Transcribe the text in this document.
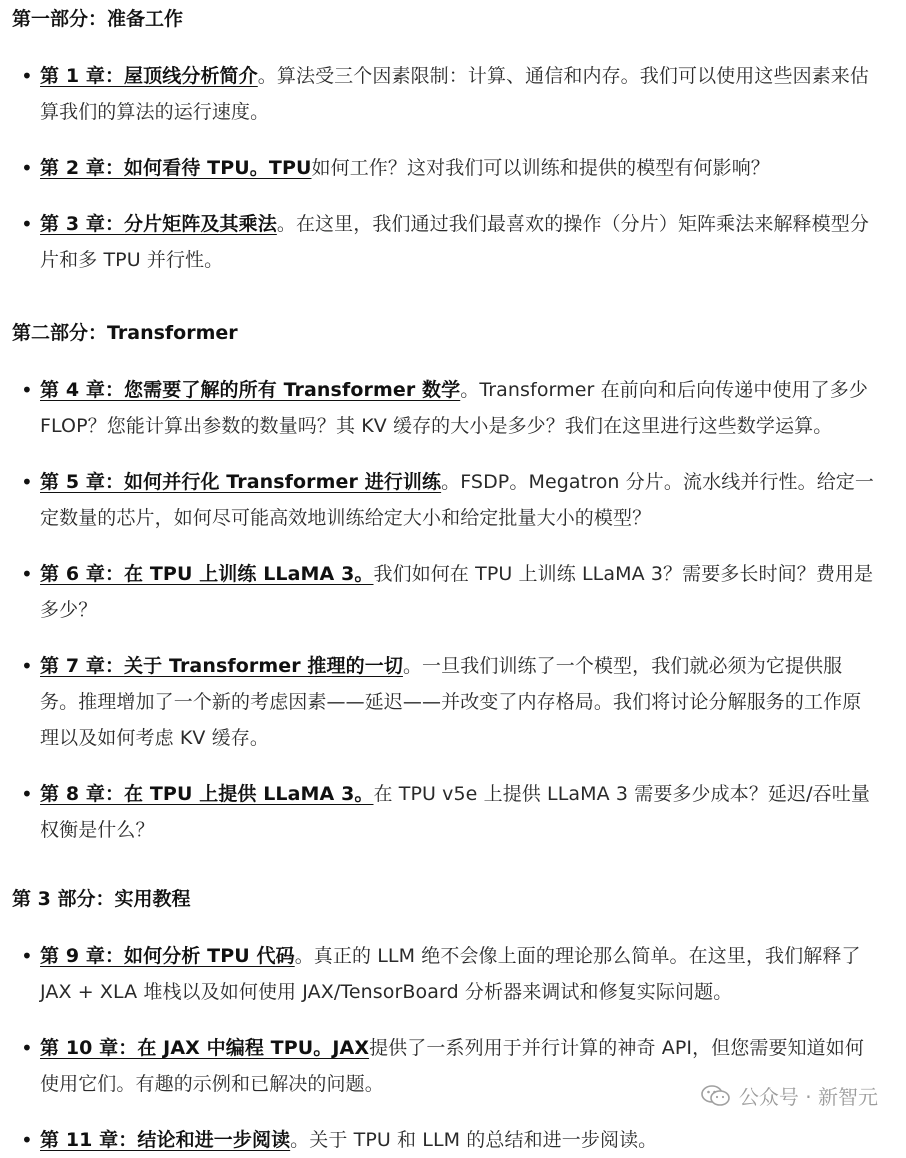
第一部分：准备工作
• 第 1 章：屋顶线分析简介。算法受三个因素限制：计算、通信和内存。我们可以使用这些因素来估算我们的算法的运行速度。
• 第 2 章：如何看待 TPU。TPU如何工作？这对我们可以训练和提供的模型有何影响？
• 第 3 章：分片矩阵及其乘法。在这里，我们通过我们最喜欢的操作（分片）矩阵乘法来解释模型分片和多 TPU 并行性。
第二部分：Transformer
• 第 4 章：您需要了解的所有 Transformer 数学。Transformer 在前向和后向传递中使用了多少 FLOP？您能计算出参数的数量吗？其 KV 缓存的大小是多少？我们在这里进行这些数学运算。
• 第 5 章：如何并行化 Transformer 进行训练。FSDP。Megatron 分片。流水线并行性。给定一定数量的芯片，如何尽可能高效地训练给定大小和给定批量大小的模型？
• 第 6 章：在 TPU 上训练 LLaMA 3。我们如何在 TPU 上训练 LLaMA 3？需要多长时间？费用是多少？
• 第 7 章：关于 Transformer 推理的一切。一旦我们训练了一个模型，我们就必须为它提供服务。推理增加了一个新的考虑因素——延迟——并改变了内存格局。我们将讨论分解服务的工作原理以及如何考虑 KV 缓存。
• 第 8 章：在 TPU 上提供 LLaMA 3。在 TPU v5e 上提供 LLaMA 3 需要多少成本？延迟/吞吐量权衡是什么？
第 3 部分：实用教程
• 第 9 章：如何分析 TPU 代码。真正的 LLM 绝不会像上面的理论那么简单。在这里，我们解释了 JAX + XLA 堆栈以及如何使用 JAX/TensorBoard 分析器来调试和修复实际问题。
• 第 10 章：在 JAX 中编程 TPU。JAX提供了一系列用于并行计算的神奇 API，但您需要知道如何使用它们。有趣的示例和已解决的问题。
• 第 11 章：结论和进一步阅读。关于 TPU 和 LLM 的总结和进一步阅读。
公众号 · 新智元
